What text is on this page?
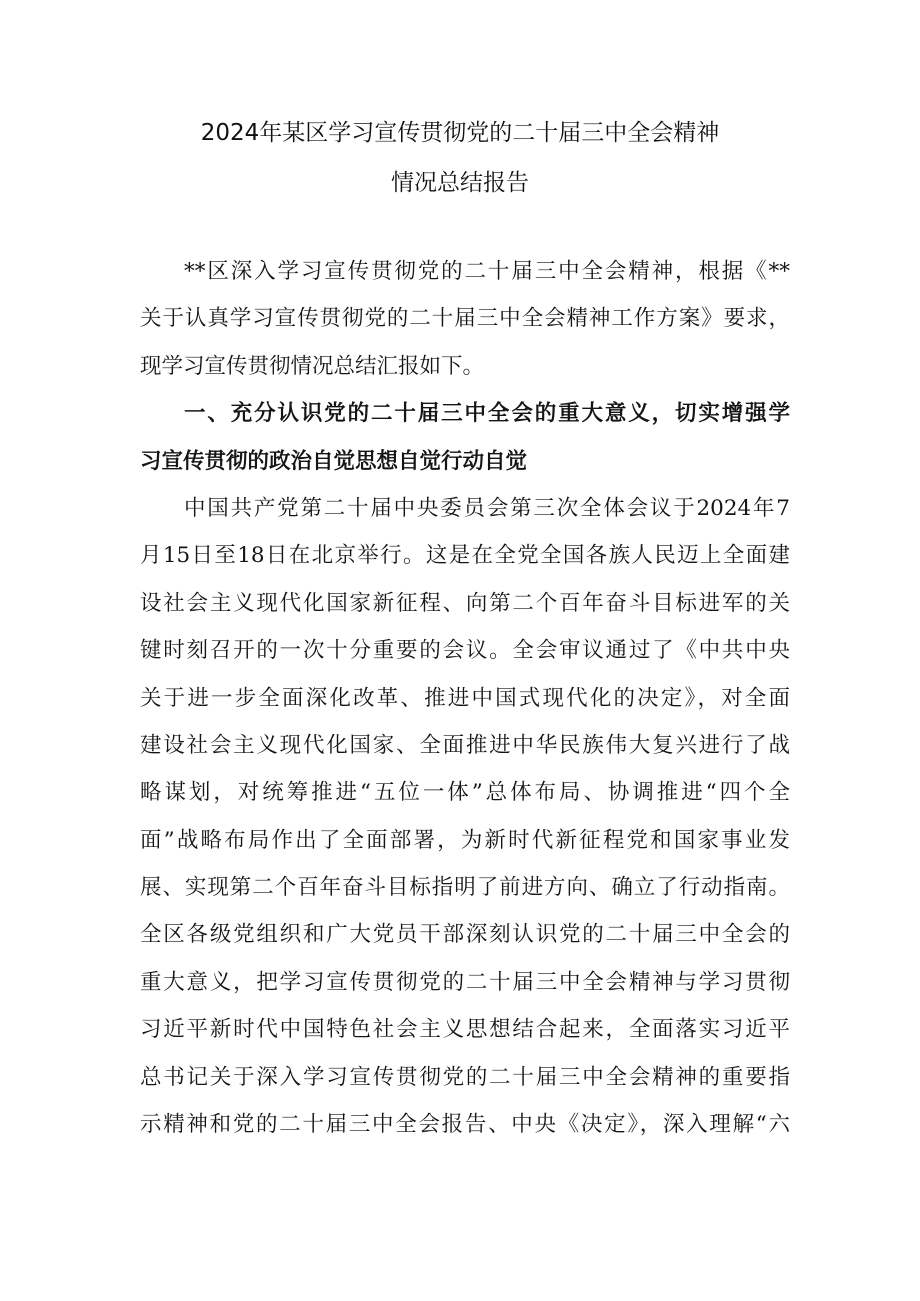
2024年某区学习宣传贯彻党的二十届三中全会精神
情况总结报告
**区深入学习宣传贯彻党的二十届三中全会精神，根据《**
关于认真学习宣传贯彻党的二十届三中全会精神工作方案》要求，
现学习宣传贯彻情况总结汇报如下。
一、充分认识党的二十届三中全会的重大意义，切实增强学
习宣传贯彻的政治自觉思想自觉行动自觉
中国共产党第二十届中央委员会第三次全体会议于2024年7
月15日至18日在北京举行。这是在全党全国各族人民迈上全面建
设社会主义现代化国家新征程、向第二个百年奋斗目标进军的关
键时刻召开的一次十分重要的会议。全会审议通过了《中共中央
关于进一步全面深化改革、推进中国式现代化的决定》，对全面
建设社会主义现代化国家、全面推进中华民族伟大复兴进行了战
略谋划，对统筹推进“五位一体”总体布局、协调推进“四个全
面”战略布局作出了全面部署，为新时代新征程党和国家事业发
展、实现第二个百年奋斗目标指明了前进方向、确立了行动指南。
全区各级党组织和广大党员干部深刻认识党的二十届三中全会的
重大意义，把学习宣传贯彻党的二十届三中全会精神与学习贯彻
习近平新时代中国特色社会主义思想结合起来，全面落实习近平
总书记关于深入学习宣传贯彻党的二十届三中全会精神的重要指
示精神和党的二十届三中全会报告、中央《决定》，深入理解“六
